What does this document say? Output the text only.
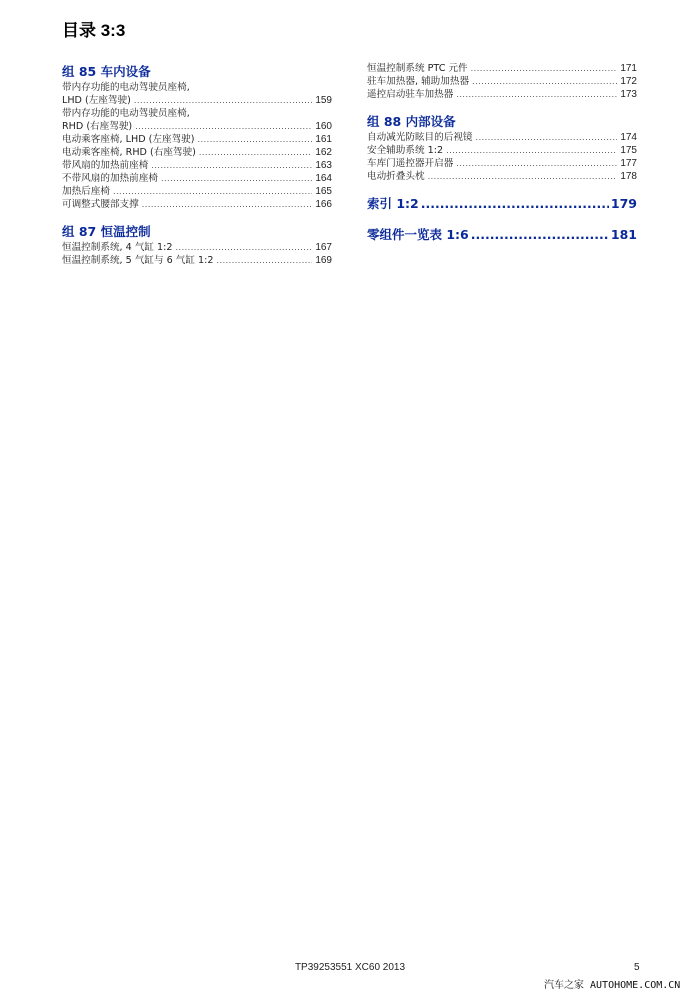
目录 3:3
组 85 车内设备
带内存功能的电动驾驶员座椅,
LHD (左座驾驶) .....	159
带内存功能的电动驾驶员座椅,
RHD (右座驾驶) .....	160
电动乘客座椅, LHD (左座驾驶) .....	161
电动乘客座椅, RHD (右座驾驶) .....	162
带风扇的加热前座椅 .....	163
不带风扇的加热前座椅 .....	164
加热后座椅 .....	165
可调整式腰部支撑 .....	166
组 87 恒温控制
恒温控制系统, 4 气缸 1:2 .....	167
恒温控制系统, 5 气缸与 6 气缸 1:2 .....	169
恒温控制系统 PTC 元件 .....	171
驻车加热器, 辅助加热器 .....	172
遥控启动驻车加热器 .....	173
组 88 内部设备
自动减光防眩目的后视镜 .....	174
安全辅助系统 1:2 .....	175
车库门遥控器开启器 .....	177
电动折叠头枕 .....	178
索引 1:2 .....	179
零组件一览表 1:6 .....	181
TP39253551 XC60 2013	5
汽车之家 AUTOHOME.COM.CN
